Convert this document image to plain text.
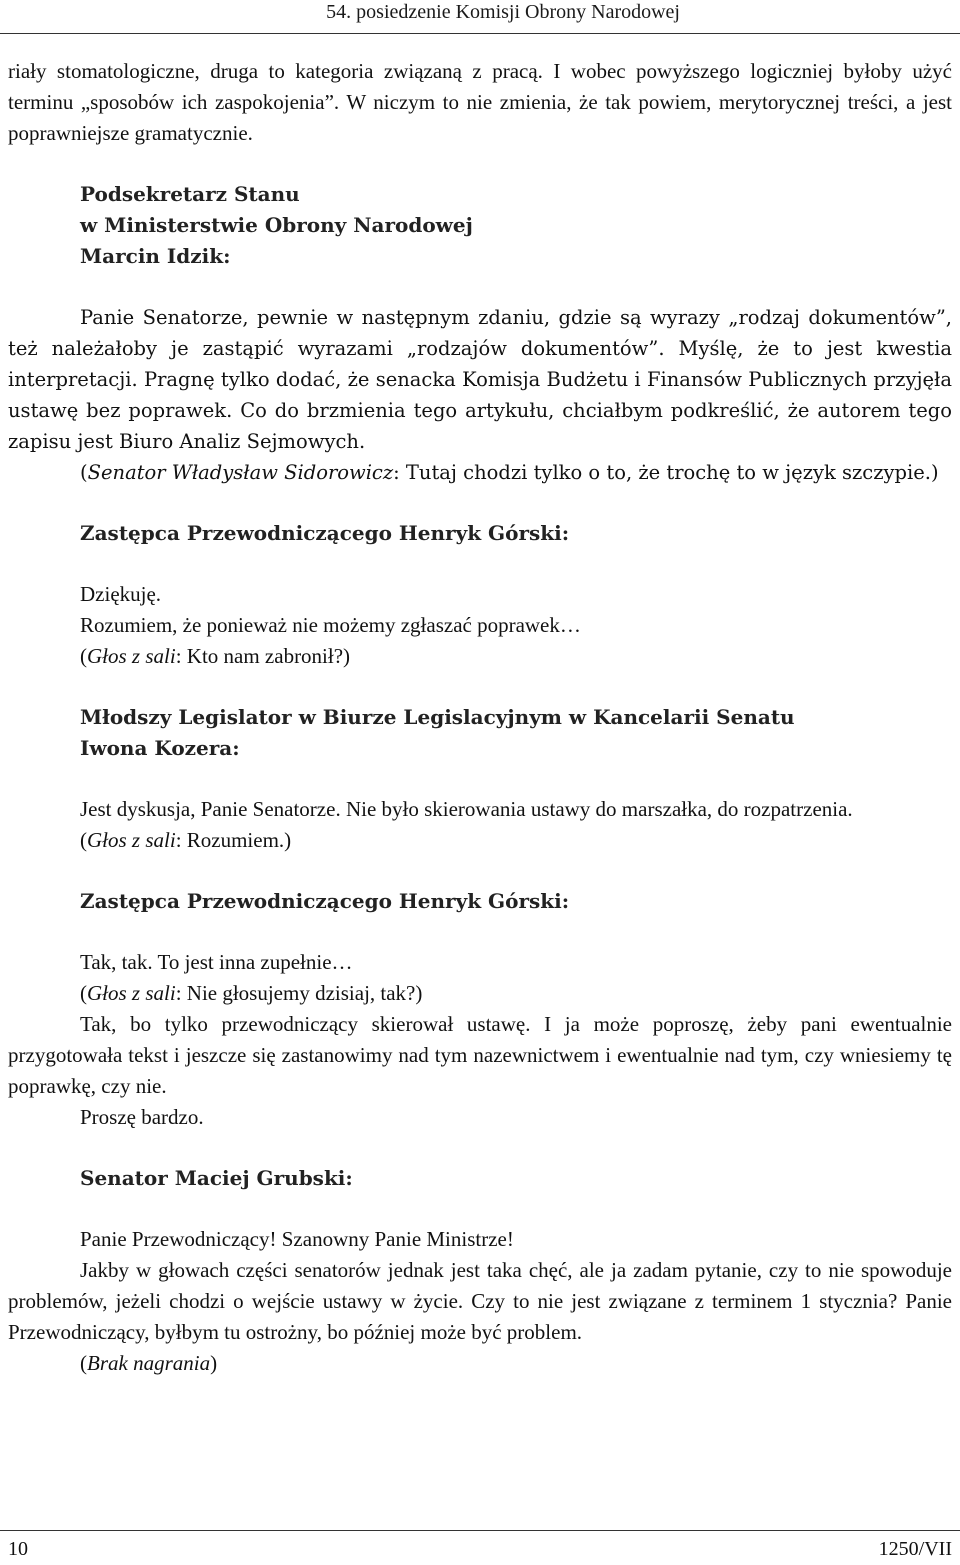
54. posiedzenie Komisji Obrony Narodowej

riały stomatologiczne, druga to kategoria związaną z pracą. I wobec powyższego logiczniej byłoby użyć terminu „sposobów ich zaspokojenia”. W niczym to nie zmienia, że tak powiem, merytorycznej treści, a jest poprawniejsze gramatycznie.

Podsekretarz Stanu
w Ministerstwie Obrony Narodowej
Marcin Idzik:

Panie Senatorze, pewnie w następnym zdaniu, gdzie są wyrazy „rodzaj dokumentów”, też należałoby je zastąpić wyrazami „rodzajów dokumentów”. Myślę, że to jest kwestia interpretacji. Pragnę tylko dodać, że senacka Komisja Budżetu i Finansów Publicznych przyjęła ustawę bez poprawek. Co do brzmienia tego artykułu, chciałbym podkreślić, że autorem tego zapisu jest Biuro Analiz Sejmowych.

(Senator Władysław Sidorowicz: Tutaj chodzi tylko o to, że trochę to w język szczypie.)

Zastępca Przewodniczącego Henryk Górski:

Dziękuję.

Rozumiem, że ponieważ nie możemy zgłaszać poprawek…

(Głos z sali: Kto nam zabronił?)

Młodszy Legislator w Biurze Legislacyjnym w Kancelarii Senatu
Iwona Kozera:

Jest dyskusja, Panie Senatorze. Nie było skierowania ustawy do marszałka, do rozpatrzenia.

(Głos z sali: Rozumiem.)

Zastępca Przewodniczącego Henryk Górski:

Tak, tak. To jest inna zupełnie…

(Głos z sali: Nie głosujemy dzisiaj, tak?)

Tak, bo tylko przewodniczący skierował ustawę. I ja może poproszę, żeby pani ewentualnie przygotowała tekst i jeszcze się zastanowimy nad tym nazewnictwem i ewentualnie nad tym, czy wniesiemy tę poprawkę, czy nie.

Proszę bardzo.

Senator Maciej Grubski:

Panie Przewodniczący! Szanowny Panie Ministrze!

Jakby w głowach części senatorów jednak jest taka chęć, ale ja zadam pytanie, czy to nie spowoduje problemów, jeżeli chodzi o wejście ustawy w życie. Czy to nie jest związane z terminem 1 stycznia? Panie Przewodniczący, byłbym tu ostrożny, bo później może być problem.

(Brak nagrania)

10	1250/VII
